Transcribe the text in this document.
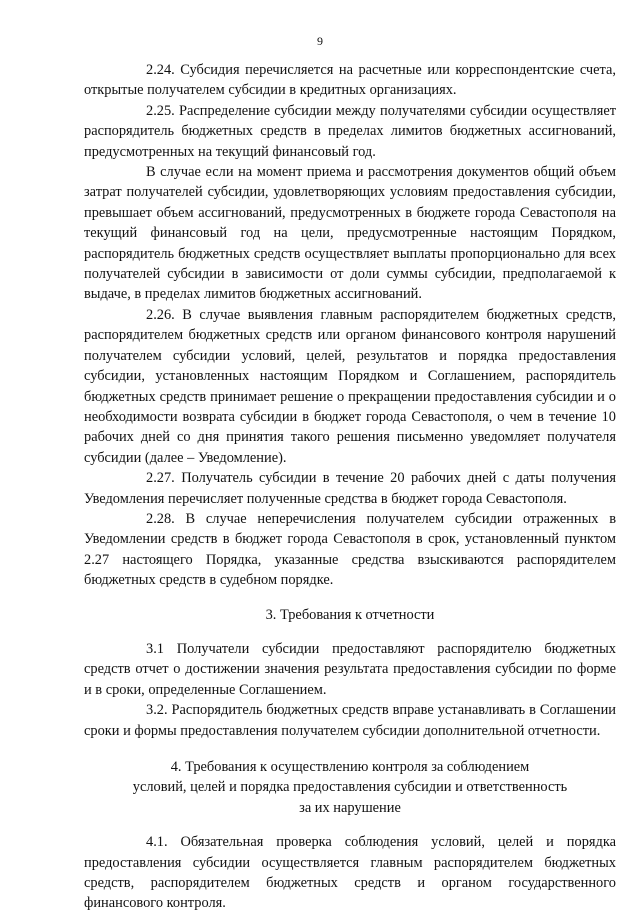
9

2.24. Субсидия перечисляется на расчетные или корреспондентские счета, открытые получателем субсидии в кредитных организациях.

2.25. Распределение субсидии между получателями субсидии осуществляет распорядитель бюджетных средств в пределах лимитов бюджетных ассигнований, предусмотренных на текущий финансовый год.

В случае если на момент приема и рассмотрения документов общий объем затрат получателей субсидии, удовлетворяющих условиям предоставления субсидии, превышает объем ассигнований, предусмотренных в бюджете города Севастополя на текущий финансовый год на цели, предусмотренные настоящим Порядком, распорядитель бюджетных средств осуществляет выплаты пропорционально для всех получателей субсидии в зависимости от доли суммы субсидии, предполагаемой к выдаче, в пределах лимитов бюджетных ассигнований.

2.26. В случае выявления главным распорядителем бюджетных средств, распорядителем бюджетных средств или органом финансового контроля нарушений получателем субсидии условий, целей, результатов и порядка предоставления субсидии, установленных настоящим Порядком и Соглашением, распорядитель бюджетных средств принимает решение о прекращении предоставления субсидии и о необходимости возврата субсидии в бюджет города Севастополя, о чем в течение 10 рабочих дней со дня принятия такого решения письменно уведомляет получателя субсидии (далее – Уведомление).

2.27. Получатель субсидии в течение 20 рабочих дней с даты получения Уведомления перечисляет полученные средства в бюджет города Севастополя.

2.28. В случае неперечисления получателем субсидии отраженных в Уведомлении средств в бюджет города Севастополя в срок, установленный пунктом 2.27 настоящего Порядка, указанные средства взыскиваются распорядителем бюджетных средств в судебном порядке.

3. Требования к отчетности

3.1 Получатели субсидии предоставляют распорядителю бюджетных средств отчет о достижении значения результата предоставления субсидии по форме и в сроки, определенные Соглашением.

3.2. Распорядитель бюджетных средств вправе устанавливать в Соглашении сроки и формы предоставления получателем субсидии дополнительной отчетности.

4. Требования к осуществлению контроля за соблюдением
условий, целей и порядка предоставления субсидии и ответственность
за их нарушение

4.1. Обязательная проверка соблюдения условий, целей и порядка предоставления субсидии осуществляется главным распорядителем бюджетных средств, распорядителем бюджетных средств и органом государственного финансового контроля.
